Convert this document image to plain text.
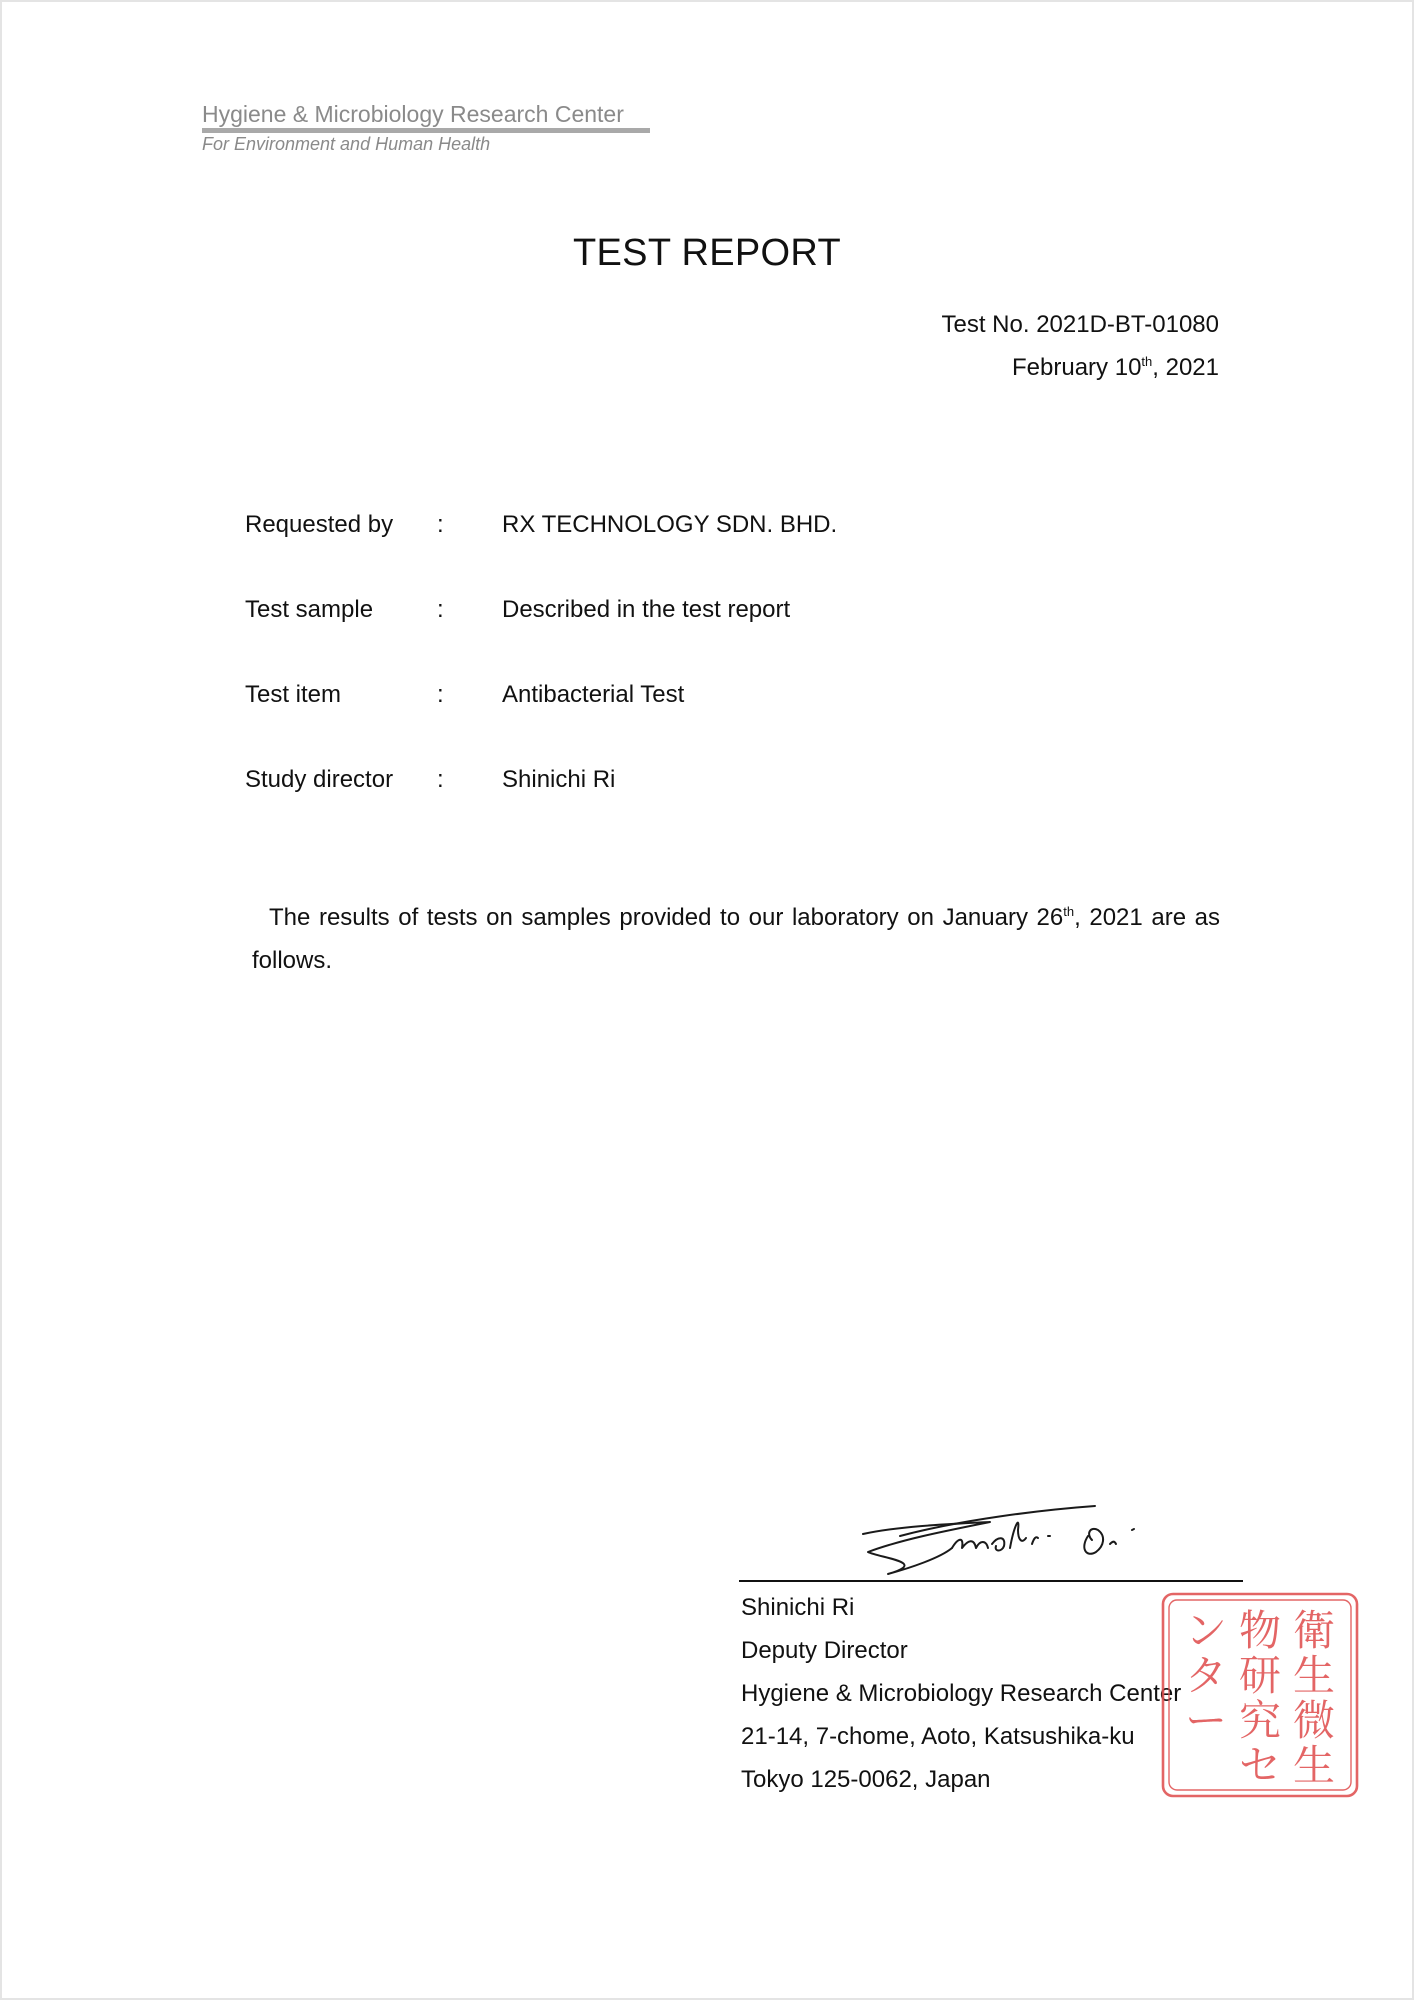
Hygiene & Microbiology Research Center
For Environment and Human Health
TEST REPORT
Test No. 2021D-BT-01080
February 10th, 2021
Requested by : RX TECHNOLOGY SDN. BHD.
Test sample	: Described in the test report
Test item	: Antibacterial Test
Study director : Shinichi Ri
The results of tests on samples provided to our laboratory on January 26th, 2021 are as follows.
Shinichi Ri
Deputy Director
Hygiene & Microbiology Research Center
21-14, 7-chome, Aoto, Katsushika-ku
Tokyo 125-0062, Japan
衛
生
微
生
物
研
究
セ
ン
タ
ー
